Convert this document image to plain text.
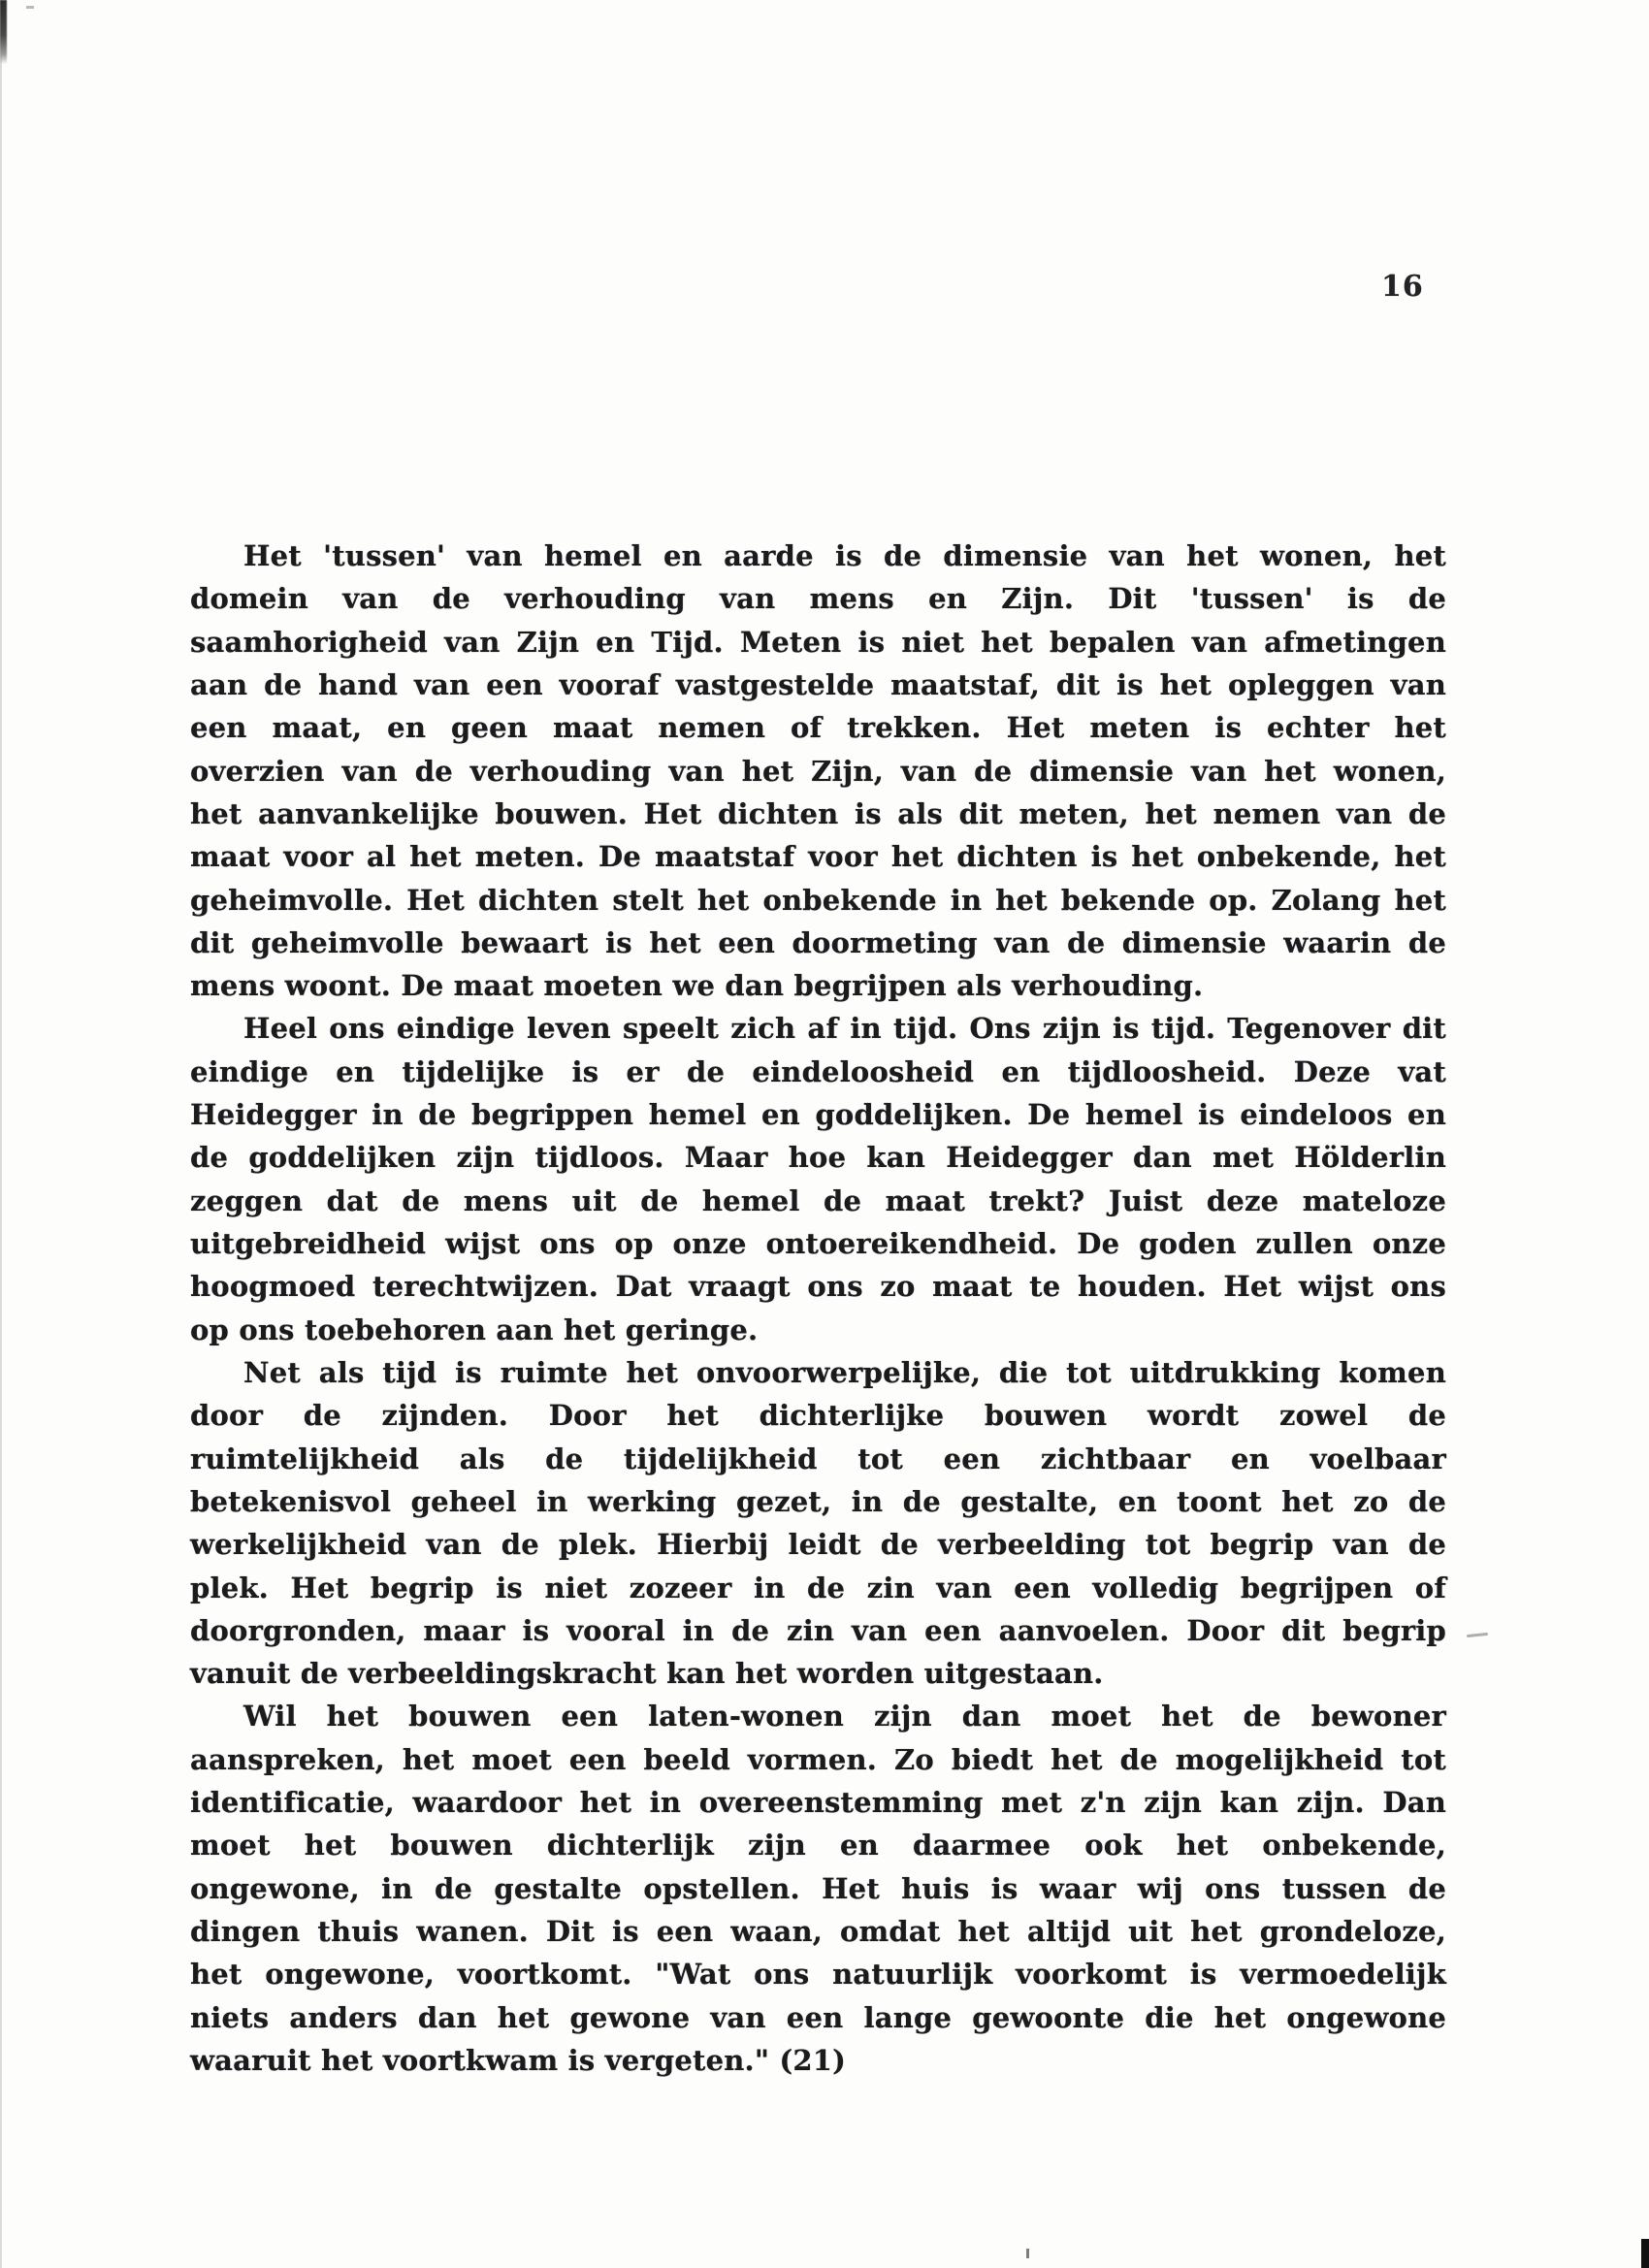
16
Het 'tussen' van hemel en aarde is de dimensie van het wonen, het
domein van de verhouding van mens en Zijn. Dit 'tussen' is de
saamhorigheid van Zijn en Tijd. Meten is niet het bepalen van afmetingen
aan de hand van een vooraf vastgestelde maatstaf, dit is het opleggen van
een maat, en geen maat nemen of trekken. Het meten is echter het
overzien van de verhouding van het Zijn, van de dimensie van het wonen,
het aanvankelijke bouwen. Het dichten is als dit meten, het nemen van de
maat voor al het meten. De maatstaf voor het dichten is het onbekende, het
geheimvolle. Het dichten stelt het onbekende in het bekende op. Zolang het
dit geheimvolle bewaart is het een doormeting van de dimensie waarin de
mens woont. De maat moeten we dan begrijpen als verhouding.
Heel ons eindige leven speelt zich af in tijd. Ons zijn is tijd. Tegenover dit
eindige en tijdelijke is er de eindeloosheid en tijdloosheid. Deze vat
Heidegger in de begrippen hemel en goddelijken. De hemel is eindeloos en
de goddelijken zijn tijdloos. Maar hoe kan Heidegger dan met Hölderlin
zeggen dat de mens uit de hemel de maat trekt? Juist deze mateloze
uitgebreidheid wijst ons op onze ontoereikendheid. De goden zullen onze
hoogmoed terechtwijzen. Dat vraagt ons zo maat te houden. Het wijst ons
op ons toebehoren aan het geringe.
Net als tijd is ruimte het onvoorwerpelijke, die tot uitdrukking komen
door de zijnden. Door het dichterlijke bouwen wordt zowel de
ruimtelijkheid als de tijdelijkheid tot een zichtbaar en voelbaar
betekenisvol geheel in werking gezet, in de gestalte, en toont het zo de
werkelijkheid van de plek. Hierbij leidt de verbeelding tot begrip van de
plek. Het begrip is niet zozeer in de zin van een volledig begrijpen of
doorgronden, maar is vooral in de zin van een aanvoelen. Door dit begrip
vanuit de verbeeldingskracht kan het worden uitgestaan.
Wil het bouwen een laten-wonen zijn dan moet het de bewoner
aanspreken, het moet een beeld vormen. Zo biedt het de mogelijkheid tot
identificatie, waardoor het in overeenstemming met z'n zijn kan zijn. Dan
moet het bouwen dichterlijk zijn en daarmee ook het onbekende,
ongewone, in de gestalte opstellen. Het huis is waar wij ons tussen de
dingen thuis wanen. Dit is een waan, omdat het altijd uit het grondeloze,
het ongewone, voortkomt. "Wat ons natuurlijk voorkomt is vermoedelijk
niets anders dan het gewone van een lange gewoonte die het ongewone
waaruit het voortkwam is vergeten." (21)
